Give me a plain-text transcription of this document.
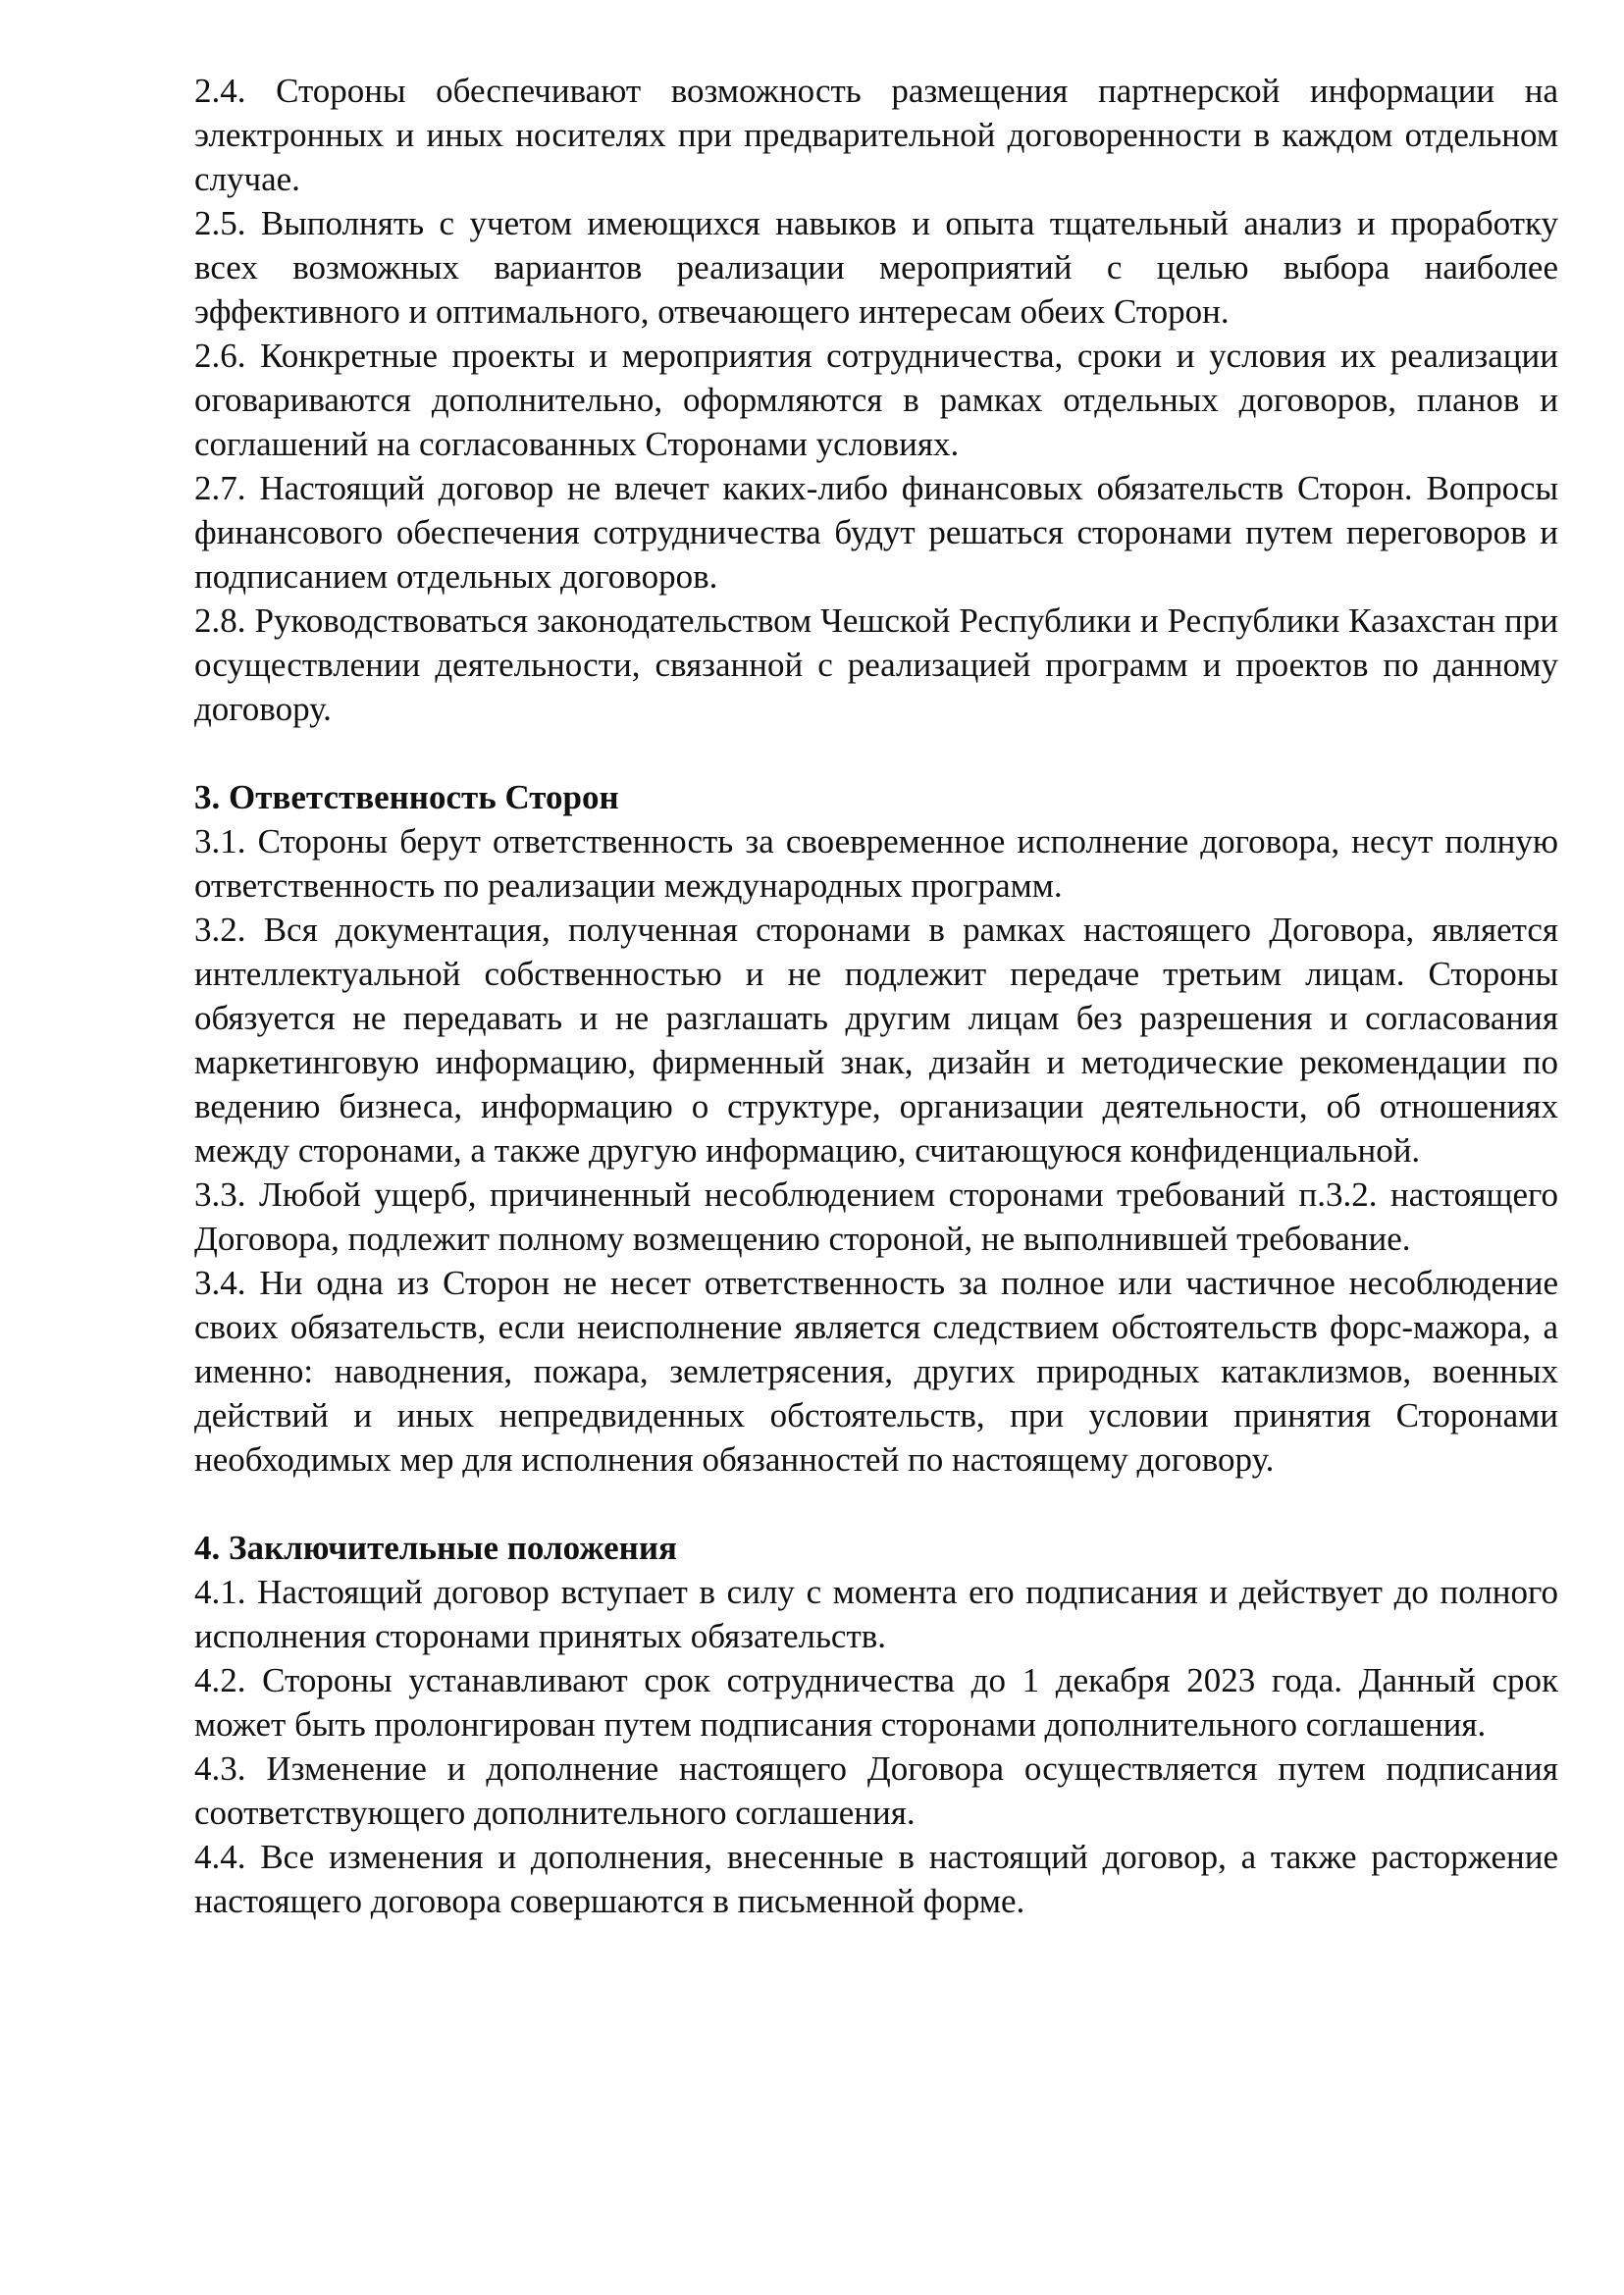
2.4. Стороны обеспечивают возможность размещения партнерской информации на электронных и иных носителях при предварительной договоренности в каждом отдельном случае.

2.5. Выполнять с учетом имеющихся навыков и опыта тщательный анализ и проработку всех возможных вариантов реализации мероприятий с целью выбора наиболее эффективного и оптимального, отвечающего интересам обеих Сторон.

2.6. Конкретные проекты и мероприятия сотрудничества, сроки и условия их реализации оговариваются дополнительно, оформляются в рамках отдельных договоров, планов и соглашений на согласованных Сторонами условиях.

2.7. Настоящий договор не влечет каких-либо финансовых обязательств Сторон. Вопросы финансового обеспечения сотрудничества будут решаться сторонами путем переговоров и подписанием отдельных договоров.

2.8. Руководствоваться законодательством Чешской Республики и Республики Казахстан при осуществлении деятельности, связанной с реализацией программ и проектов по данному договору.

3. Ответственность Сторон

3.1. Стороны берут ответственность за своевременное исполнение договора, несут полную ответственность по реализации международных программ.

3.2. Вся документация, полученная сторонами в рамках настоящего Договора, является интеллектуальной собственностью и не подлежит передаче третьим лицам. Стороны обязуется не передавать и не разглашать другим лицам без разрешения и согласования маркетинговую информацию, фирменный знак, дизайн и методические рекомендации по ведению бизнеса, информацию о структуре, организации деятельности, об отношениях между сторонами, а также другую информацию, считающуюся конфиденциальной.

3.3. Любой ущерб, причиненный несоблюдением сторонами требований п.3.2. настоящего Договора, подлежит полному возмещению стороной, не выполнившей требование.

3.4. Ни одна из Сторон не несет ответственность за полное или частичное несоблюдение своих обязательств, если неисполнение является следствием обстоятельств форс-мажора, а именно: наводнения, пожара, землетрясения, других природных катаклизмов, военных действий и иных непредвиденных обстоятельств, при условии принятия Сторонами необходимых мер для исполнения обязанностей по настоящему договору.

4. Заключительные положения

4.1. Настоящий договор вступает в силу с момента его подписания и действует до полного исполнения сторонами принятых обязательств.

4.2. Стороны устанавливают срок сотрудничества до 1 декабря 2023 года. Данный срок может быть пролонгирован путем подписания сторонами дополнительного соглашения.

4.3. Изменение и дополнение настоящего Договора осуществляется путем подписания соответствующего дополнительного соглашения.

4.4. Все изменения и дополнения, внесенные в настоящий договор, а также расторжение настоящего договора совершаются в письменной форме.
